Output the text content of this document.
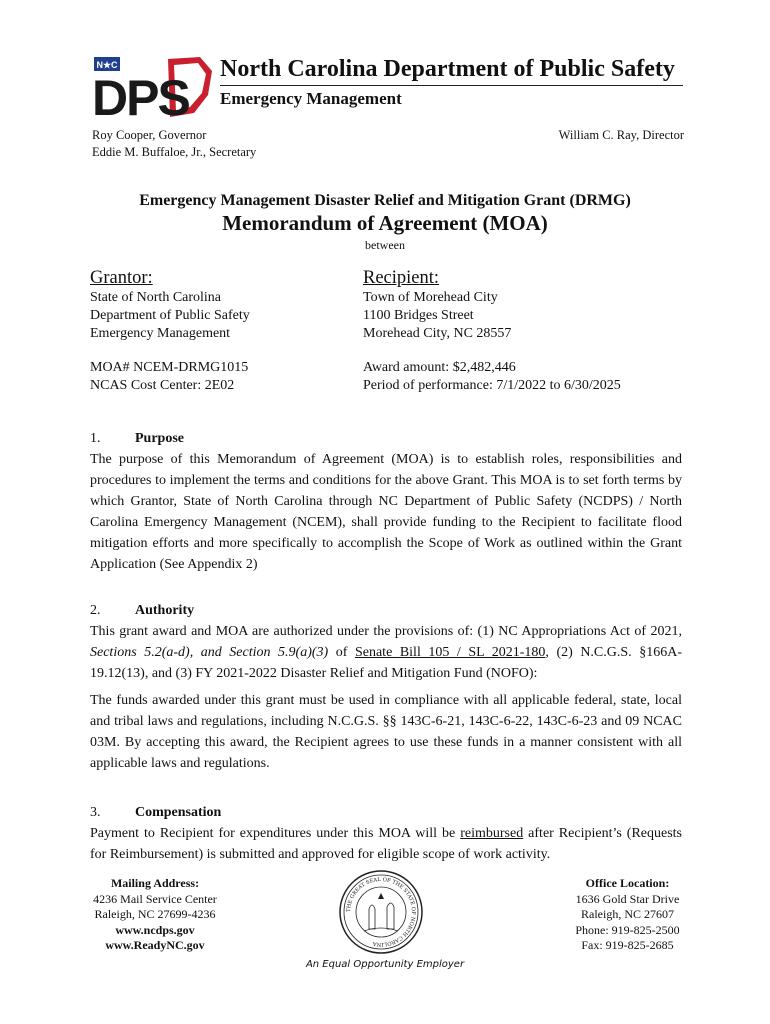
N★C
DPS
North Carolina Department of Public Safety
Emergency Management
Roy Cooper, Governor
Eddie M. Buffaloe, Jr., Secretary
William C. Ray, Director
Emergency Management Disaster Relief and Mitigation Grant (DRMG)
Memorandum of Agreement (MOA)
between
Grantor:	Recipient:
State of North Carolina
Department of Public Safety
Emergency Management
Town of Morehead City
1100 Bridges Street
Morehead City, NC 28557
MOA# NCEM-DRMG1015
NCAS Cost Center: 2E02
Award amount: $2,482,446
Period of performance: 7/1/2022 to 6/30/2025
1. Purpose
The purpose of this Memorandum of Agreement (MOA) is to establish roles, responsibilities and procedures to implement the terms and conditions for the above Grant. This MOA is to set forth terms by which Grantor, State of North Carolina through NC Department of Public Safety (NCDPS) / North Carolina Emergency Management (NCEM), shall provide funding to the Recipient to facilitate flood mitigation efforts and more specifically to accomplish the Scope of Work as outlined within the Grant Application (See Appendix 2)
2. Authority
This grant award and MOA are authorized under the provisions of: (1) NC Appropriations Act of 2021, Sections 5.2(a-d), and Section 5.9(a)(3) of Senate Bill 105 / SL 2021-180, (2) N.C.G.S. §166A-19.12(13), and (3) FY 2021-2022 Disaster Relief and Mitigation Fund (NOFO):
The funds awarded under this grant must be used in compliance with all applicable federal, state, local and tribal laws and regulations, including N.C.G.S. §§ 143C-6-21, 143C-6-22, 143C-6-23 and 09 NCAC 03M. By accepting this award, the Recipient agrees to use these funds in a manner consistent with all applicable laws and regulations.
3. Compensation
Payment to Recipient for expenditures under this MOA will be reimbursed after Recipient’s (Requests for Reimbursement) is submitted and approved for eligible scope of work activity.
Mailing Address:
4236 Mail Service Center
Raleigh, NC 27699-4236
www.ncdps.gov
www.ReadyNC.gov
THE GREAT SEAL OF THE STATE OF NORTH CAROLINA
Office Location:
1636 Gold Star Drive
Raleigh, NC 27607
Phone: 919-825-2500
Fax: 919-825-2685
An Equal Opportunity Employer
